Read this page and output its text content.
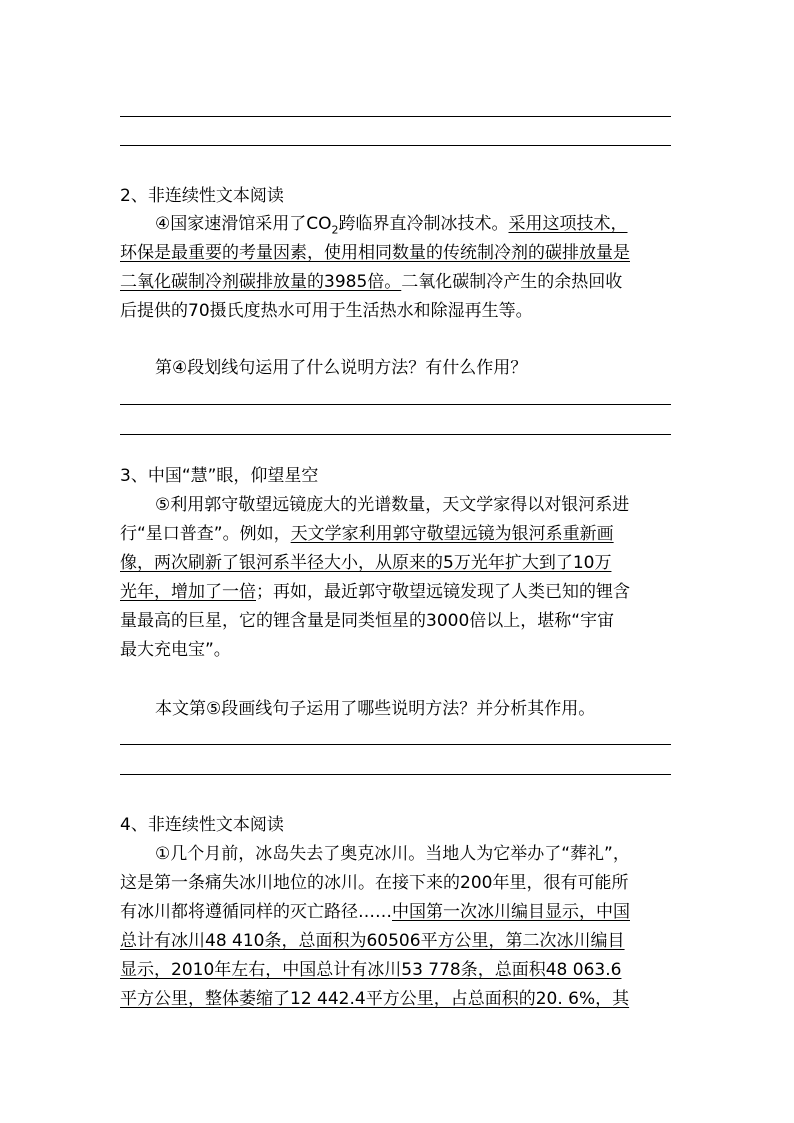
2、非连续性文本阅读
④国家速滑馆采用了$CO_2$跨临界直冷制冰技术。采用这项技术，
环保是最重要的考量因素，使用相同数量的传统制冷剂的碳排放量是
二氧化碳制冷剂碳排放量的3985倍。二氧化碳制冷产生的余热回收
后提供的70摄氏度热水可用于生活热水和除湿再生等。
第④段划线句运用了什么说明方法？有什么作用？
3、中国“慧”眼，仰望星空
⑤利用郭守敬望远镜庞大的光谱数量，天文学家得以对银河系进
行“星口普查”。例如，天文学家利用郭守敬望远镜为银河系重新画
像，两次刷新了银河系半径大小，从原来的5万光年扩大到了10万
光年，增加了一倍；再如，最近郭守敬望远镜发现了人类已知的锂含
量最高的巨星，它的锂含量是同类恒星的3000倍以上，堪称“宇宙
最大充电宝”。
本文第⑤段画线句子运用了哪些说明方法？并分析其作用。
4、非连续性文本阅读
①几个月前，冰岛失去了奥克冰川。当地人为它举办了“葬礼”，
这是第一条痛失冰川地位的冰川。在接下来的200年里，很有可能所
有冰川都将遵循同样的灭亡路径……中国第一次冰川编目显示，中国
总计有冰川48 410条，总面积为60506平方公里，第二次冰川编目
显示，2010年左右，中国总计有冰川53 778条，总面积48 063.6
平方公里，整体萎缩了12 442.4平方公里，占总面积的20. 6%，其
